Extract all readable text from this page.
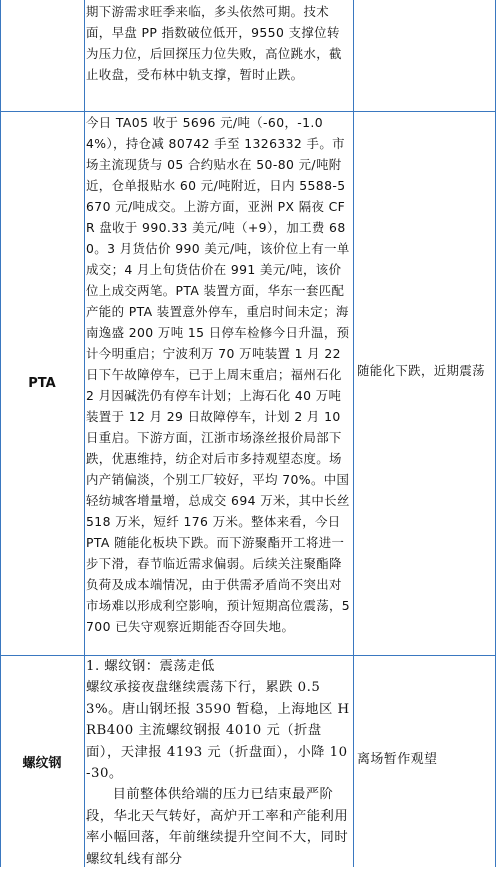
期下游需求旺季来临，多头依然可期。技术面，早盘 PP 指数破位低开，9550 支撑位转为压力位，后回探压力位失败，高位跳水，截止收盘，受布林中轨支撑，暂时止跌。

PTA

今日 TA05 收于 5696 元/吨（-60，-1.04%），持仓减 80742 手至 1326332 手。市场主流现货与 05 合约贴水在 50-80 元/吨附近，仓单报贴水 60 元/吨附近，日内 5588-5670 元/吨成交。上游方面，亚洲 PX 隔夜 CFR 盘收于 990.33 美元/吨（+9），加工费 680。3 月货估价 990 美元/吨，该价位上有一单成交；4 月上旬货估价在 991 美元/吨，该价位上成交两笔。PTA 装置方面，华东一套匹配产能的 PTA 装置意外停车，重启时间未定；海南逸盛 200 万吨 15 日停车检修今日升温，预计今明重启；宁波利万 70 万吨装置 1 月 22 日下午故障停车，已于上周末重启；福州石化 2 月因碱洗仍有停车计划；上海石化 40 万吨装置于 12 月 29 日故障停车，计划 2 月 10 日重启。下游方面，江浙市场涤丝报价局部下跌，优惠维持，纺企对后市多持观望态度。场内产销偏淡，个别工厂较好，平均 70%。中国轻纺城客增量增，总成交 694 万米，其中长丝 518 万米，短纤 176 万米。整体来看，今日 PTA 随能化板块下跌。而下游聚酯开工将进一步下滑，春节临近需求偏弱。后续关注聚酯降负荷及成本端情况，由于供需矛盾尚不突出对市场难以形成利空影响，预计短期高位震荡，5700 已失守观察近期能否夺回失地。

随能化下跌，近期震荡
螺纹钢

1. 螺纹钢：震荡走低

螺纹承接夜盘继续震荡下行，累跌 0.53%。唐山钢坯报 3590 暂稳，上海地区 HRB400 主流螺纹钢报 4010 元（折盘面），天津报 4193 元（折盘面），小降 10-30。

目前整体供给端的压力已结束最严阶段，华北天气转好，高炉开工率和产能利用率小幅回落，年前继续提升空间不大，同时螺纹轧线有部分

离场暂作观望
